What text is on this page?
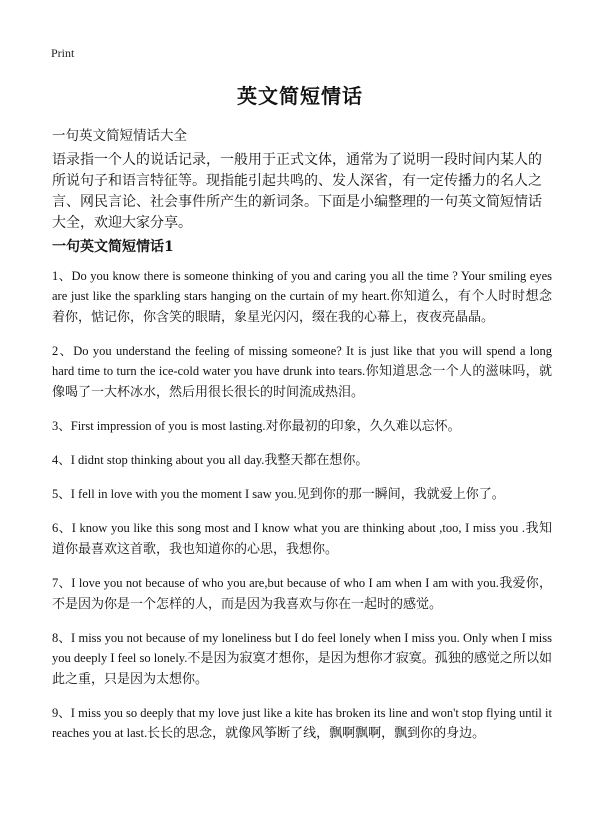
Print
英文简短情话
一句英文简短情话大全
语录指一个人的说话记录，一般用于正式文体，通常为了说明一段时间内某人的所说句子和语言特征等。现指能引起共鸣的、发人深省，有一定传播力的名人之言、网民言论、社会事件所产生的新词条。下面是小编整理的一句英文简短情话大全，欢迎大家分享。
一句英文简短情话1

1、Do you know there is someone thinking of you and caring you all the time ? Your smiling eyes are just like the sparkling stars hanging on the curtain of my heart.你知道么，有个人时时想念着你，惦记你，你含笑的眼睛，象星光闪闪，缀在我的心幕上，夜夜亮晶晶。

2、Do you understand the feeling of missing someone? It is just like that you will spend a long hard time to turn the ice-cold water you have drunk into tears.你知道思念一个人的滋味吗，就像喝了一大杯冰水，然后用很长很长的时间流成热泪。

3、First impression of you is most lasting.对你最初的印象，久久难以忘怀。

4、I didnt stop thinking about you all day.我整天都在想你。

5、I fell in love with you the moment I saw you.见到你的那一瞬间，我就爱上你了。

6、I know you like this song most and I know what you are thinking about ,too, I miss you .我知道你最喜欢这首歌，我也知道你的心思，我想你。

7、I love you not because of who you are,but because of who I am when I am with you.我爱你，不是因为你是一个怎样的人，而是因为我喜欢与你在一起时的感觉。

8、I miss you not because of my loneliness but I do feel lonely when I miss you. Only when I miss you deeply I feel so lonely.不是因为寂寞才想你，是因为想你才寂寞。孤独的感觉之所以如此之重，只是因为太想你。

9、I miss you so deeply that my love just like a kite has broken its line and won't stop flying until it reaches you at last.长长的思念，就像风筝断了线，飘啊飘啊，飘到你的身边。
